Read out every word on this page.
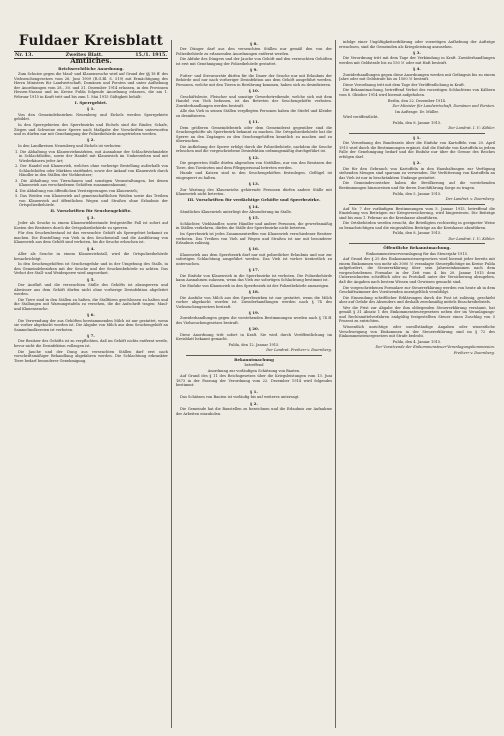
Fuldaer Kreisblatt
Nr. 13.	Zweites Blatt.	15./1. 1915.
Amtliches.
Reichsrechtliche Anordnung.
Zum Schutze gegen die Maul- und Klauenseuche wird auf Grund der §§ 18 ff. des Viehseuchengesetzes vom 26. Juni 1909 (R.G.Bl. S. 519) mit Ermächtigung des Herrn Ministers für Landwirtschaft, Domänen und Forsten und unter Aufhebung der Anordnungen vom 28., 30. und 31. Dezember 1914 erlassen, in den Provinzen Hessen-Nassau und im Kreise Fulda folgende Anordnung erlassen, die am 1. Februar 1915 in Kraft tritt und bis zum 1. Mai 1915 Gültigkeit behält:
I. Sperrgebiet.
§ 1.
Von den Gemeindebezirken Neuenberg und Eichels werden Sperrgebiete gebildet.
In den Sperrgebieten des Sperrbezirks und Eichels sind die Rinder, Schafe, Ziegen und Schweine einer Sperre nach Maßgabe der Vorschriften unterworfen und es dürfen nur mit Genehmigung der Polizeibehörde ausgetrieben werden.
§ 2.
In den Landkreisen Neuenberg und Eichels ist verboten:
1. Die Abhaltung von Klauenviehmärkten, mit Ausnahme der Schlachtviehmärkte in Schlachthöfen, sowie der Handel mit Klauenvieh im Umherziehen und mit Wiederkäuern jeder Art;
2. Der Handel mit Klauenvieh, welches ohne vorherige Bestellung außerhalb von Schlachthöfen oder Märkten stattfindet, sowie der Ankauf von Klauenvieh durch Händler in den Ställen der Viehbesitzer;
3. Die Abhaltung von Tierschauen und sonstigen Veranstaltungen, bei denen Klauenvieh aus verschiedenen Gehöften zusammenkommt;
4. Die Abhaltung von öffentlichen Versteigerungen von Klauenvieh;
5. Das Weiden von Klauenvieh auf gemeinschaftlichen Weiden sowie das Treiben von Klauenvieh auf öffentlichen Wegen und Straßen ohne Erlaubnis der Ortspolizeibehörde.
II. Vorschriften für Seuchengehöfte.
§ 3.
Jeder als Seuche in einem Klauenviehbestande festgestellte Fall ist sofort auf Kosten des Besitzers durch die Ortspolizeibehörde zu sperren.
Für den Seuchenbestand ist das verseuchte Gehöft als Sperrgebiet bekannt zu machen. Die Einstellung von Vieh in den Seuchenstall und die Ausführung von Klauenvieh aus dem Gehöft sind verboten, bis die Seuche erloschen ist.
§ 4.
Aller als Seuche in einem Klauenviehstall, wird die Ortspolizeibehörde benachrichtigt.
In den Seuchengehöften ist Seuchengefahr und in der Umgebung des Stalls, in den Gemeindebezirken mit der Seuche und der Seuchenbehörde zu achten. Das Verbot der Stall- und Weidesperre wird angeordnet.
§ 5.
Der Ausfluß und die verseuchten Ställe des Gehöfts ist abzusperren und Abwässer aus dem Gehöft dürfen nicht ohne vorherige Desinfektion abgeleitet werden.
Die Tiere sind in den Ställen zu halten, die Stalltüren geschlossen zu halten und die Stallungen mit Warnungstafeln zu versehen, die die Aufschrift tragen: Maul- und Klauenseuche.
§ 6.
Die Verwendung der aus Gehöften herstammenden Milch ist nur gestattet, wenn sie vorher abgekocht worden ist. Die Abgabe von Milch aus dem Seuchengehöft an Sammelmolkereien ist verboten.
§ 7.
Der Besitzer des Gehöfts ist zu verpflichten, daß im Gehöft nichts entfernt werde, bevor nicht die Desinfektion vollzogen ist.
Die Jauche und der Dung aus verseuchten Ställen darf erst nach vorschriftsmäßiger Behandlung abgefahren werden. Die Schlachtung erkrankter Tiere bedarf besonderer Genehmigung.
§ 8.
Der Dünger darf aus den verseuchten Ställen nur gemäß den von der Polizeibehörde zu erlassenden Anordnungen entfernt werden.
Die Abfuhr des Düngers und der Jauche von Gehöft und den verseuchten Gehöften ist erst mit Genehmigung der Polizeibehörde gestattet.
§ 9.
Futter- und Streuvorräte dürfen für die Dauer der Seuche nur mit Erlaubnis der Behörde und nur nach vorheriger Desinfektion aus dem Gehöft ausgeführt werden. Personen, welche mit den Tieren in Berührung kommen, haben sich zu desinfizieren.
§ 10.
Geschäftsleute, Fleischer und sonstige Gewerbetreibende, welche sich mit dem Handel von Vieh befassen, ist das Betreten der Seuchengehöfte verboten. Zuwiderhandlungen werden bestraft.
Alle das Vieh in seinen Ställen verpflegten Personen haben die Stiefel und Kleider zu desinfizieren.
§ 11.
Dem größeren Gemeindebezirk oder dem Gemeinderat gegenüber sind die Seuchengehöfte als Sperrbezirk bekannt zu machen. Die Ortspolizeibehörde hat die Sperre an den Zugängen zu den Seuchengehöften kenntlich zu machen und zu überwachen.
Die Aufhebung der Sperre erfolgt durch die Polizeibehörde, nachdem die Seuche erloschen und die vorgeschriebene Desinfektion ordnungsmäßig durchgeführt ist.
§ 12.
Die gesperrten Ställe dürfen abgesehen von Notfällen, nur von den Besitzern der Tiere, den Tierärzten und dem Pflegepersonal betreten werden.
Hunde und Katzen sind in den Seuchengehöften festzulegen. Geflügel ist eingesperrt zu halten.
§ 13.
Zur Wartung des Klauenviehs gehörende Personen dürfen andere Ställe mit Klauenvieh nicht betreten.
III. Vorschriften für verdächtige Gehöfte und Sperrbezirke.
§ 14.
Sämtliches Klauenvieh unterliegt der Absonderung im Stalle.
§ 15.
Schlächter, Viehhändler, sowie Händler und andere Personen, die gewerbsmäßig in Ställen verkehren, dürfen die Ställe der Sperrbezirke nicht betreten.
Im Sperrbezirk ist jedes Zusammentreffen von Klauenvieh verschiedener Besitzer verboten. Das Treiben von Vieh auf Wegen und Straßen ist nur mit besonderer Erlaubnis zulässig.
§ 16.
Klauenvieh aus dem Sperrbezirk darf nur mit polizeilicher Erlaubnis und nur zur sofortigen Schlachtung ausgeführt werden. Das Vieh ist vorher tierärztlich zu untersuchen.
§ 17.
Die Einfuhr von Klauenvieh in die Sperrbezirke ist verboten. Die Polizeibehörde kann Ausnahmen zulassen, wenn das Vieh zur sofortigen Schlachtung bestimmt ist.
Die Einfuhr von Klauenvieh in den Sperrbezirk ist der Polizeibehörde anzuzeigen.
§ 18.
Die Ausfuhr von Milch aus den Sperrbezirken ist nur gestattet, wenn die Milch vorher abgekocht worden ist. Zuwiderhandlungen werden nach § 74 des Viehseuchengesetzes bestraft.
§ 19.
Zuwiderhandlungen gegen die vorstehenden Bestimmungen werden nach § 74 ff. des Viehseuchengesetzes bestraft.
§ 20.
Diese Anordnung tritt sofort in Kraft. Sie wird durch Veröffentlichung im Kreisblatt bekannt gemacht.
Fulda, den 12. Januar 1915.
Der Landrat. Freiherr v. Doernberg.
Bekanntmachung
betreffend
Anordnung zur vorläufigen Schätzung von Bauten.
Auf Grund des § 11 des Reichsgesetzes über die Kriegsleistungen vom 13. Juni 1873 in der Fassung der Verordnung vom 22. Dezember 1914 wird folgendes bestimmt:
§ 1.
Das Schätzen von Bauten ist vorläufig bis auf weiteres untersagt.
§ 2.
Die Gemeinde hat die Baustellen zu bezeichnen und die Erlaubnis zur Aufnahme der Arbeiten einzuholen.
infolge einer Ungültigkeitserklärung oder vorzeitigen Aufhebung der Aufträge erwachsen, sind die Gemeinden als Kriegsleistung anzusehen.
§ 3.
Die Verordnung tritt mit dem Tage der Verkündung in Kraft. Zuwiderhandlungen werden mit Geldstrafe bis zu 150 ℳ oder mit Haft bestraft.
§ 4.
Zuwiderhandlungen gegen diese Anordnungen werden mit Gefängnis bis zu einem Jahre oder mit Geldstrafe bis zu 1500 ℳ bestraft.
Diese Verordnung tritt mit dem Tage der Veröffentlichung in Kraft.
Die Bekanntmachung, betreffend Verbot des vorzeitigen Schlachtens von Kälbern vom 8. Oktober 1914 wird hiermit aufgehoben.
Berlin, den 22. Dezember 1914.
Der Minister für Landwirtschaft, Domänen und Forsten.
Im Auftrage: Dr. Müller.
Wird veröffentlicht.
Fulda, den 8. Januar 1915.
Der Landrat. I. V.: Köhler.
§ 1.
Die Verordnung des Bundesrats über die Einfuhr von Kartoffeln vom 20. April 1915 wird durch die Bestimmungen ergänzt, daß die Einfuhr von Kartoffeln in jedem Falle der Genehmigung bedarf und die Einfuhr nur über die Grenze des Reiches erfolgen darf.
§ 2.
Die für den Gebrauch von Kartoffeln in den Haushaltungen zur Verfügung stehenden Mengen sind sparsam zu verwenden. Die Verfütterung von Kartoffeln an das Vieh ist nur in beschränktem Umfange gestattet.
Die Gemeindevorsteher haben die Bevölkerung auf die vorstehenden Bestimmungen hinzuweisen und für deren Durchführung Sorge zu tragen.
Fulda, den 5. Januar 1915.
Der Landrat. v. Doernberg.
Auf Nr. 7 der vorläufigen Bestimmungen vom 5. Januar 1915, betreffend die Einziehung von Beiträgen zur Kriegsversicherung, wird hingewiesen. Die Beiträge sind bis zum 1. Februar an die Kreiskasse abzuführen.
Die Ortsbehörden werden ersucht, die Beteiligten rechtzeitig in geeigneter Weise zu benachrichtigen und die eingezahlten Beiträge an die Kreiskasse abzuführen.
Fulda, den 8. Januar 1915.
Der Landrat. I. V.: Köhler.
Öffentliche Bekanntmachung.
Einkommensteuerveranlagung für das Steuerjahr 1915.
Auf Grund des § 25 des Einkommensteuergesetzes wird hiermit jeder bereits mit einem Einkommen von mehr als 3000 ℳ veranlagte Steuerpflichtige im Kreise Fulda aufgefordert, die Steuererklärung über sein Jahreseinkommen nach dem vorgeschriebenen Formular in der Zeit vom 4. bis 20. Januar 1915 dem Unterzeichneten schriftlich oder zu Protokoll unter der Versicherung abzugeben, daß die Angaben nach bestem Wissen und Gewissen gemacht sind.
Die vorgeschriebenen Formulare zur Steuererklärung werden von heute ab in dem Geschäftszimmer des Vorsitzenden unentgeltlich verabfolgt.
Die Einsendung schriftlicher Erklärungen durch die Post ist zulässig, geschieht aber auf Gefahr des Absenders und deshalb zweckmäßig mittels Einschreibebriefs.
Wer die Frist zur Abgabe der ihm obliegenden Steuererklärung versäumt, hat gemäß § 31 Absatz 1 des Einkommensteuergesetzes neben der im Veranlagungs- und Rechtsmittelverfahren endgültig festgestellten Steuer einen Zuschlag von 5 Prozent zu entrichten.
Wissentlich unrichtige oder unvollständige Angaben oder wissentliche Verschweigung von Einkommen in der Steuererklärung sind im § 72 des Einkommensteuergesetzes mit Strafe bedroht.
Fulda, den 4. Januar 1915.
Der Vorsitzende der Einkommensteuer-Veranlagungskommission.
Freiherr v. Doernberg.
